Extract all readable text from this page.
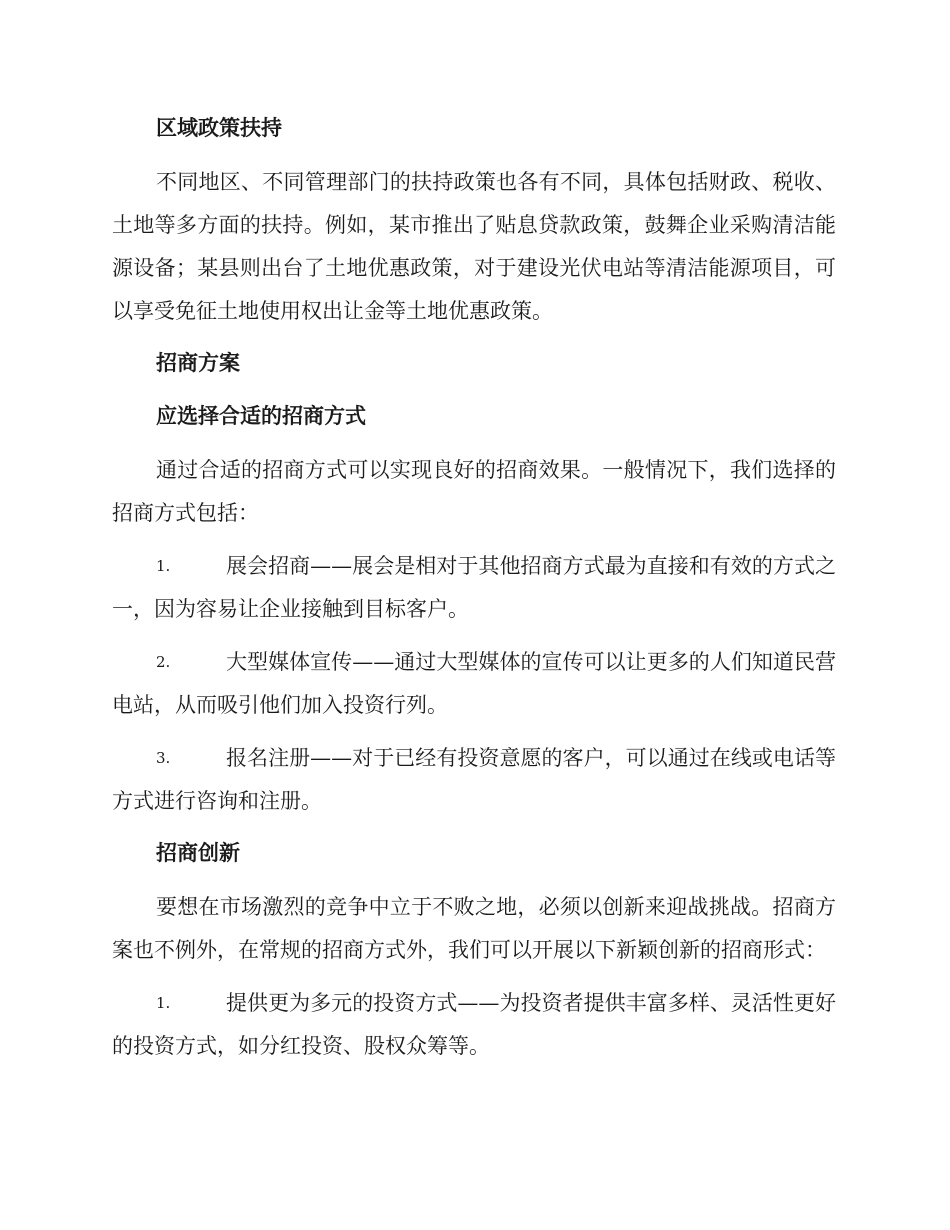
区域政策扶持

不同地区、不同管理部门的扶持政策也各有不同，具体包括财政、税收、土地等多方面的扶持。例如，某市推出了贴息贷款政策，鼓舞企业采购清洁能源设备；某县则出台了土地优惠政策，对于建设光伏电站等清洁能源项目，可以享受免征土地使用权出让金等土地优惠政策。

招商方案
应选择合适的招商方式

通过合适的招商方式可以实现良好的招商效果。一般情况下，我们选择的招商方式包括：

1.	展会招商——展会是相对于其他招商方式最为直接和有效的方式之一，因为容易让企业接触到目标客户。
2.	大型媒体宣传——通过大型媒体的宣传可以让更多的人们知道民营电站，从而吸引他们加入投资行列。
3.	报名注册——对于已经有投资意愿的客户，可以通过在线或电话等方式进行咨询和注册。
招商创新

要想在市场激烈的竞争中立于不败之地，必须以创新来迎战挑战。招商方案也不例外，在常规的招商方式外，我们可以开展以下新颖创新的招商形式：

1.	提供更为多元的投资方式——为投资者提供丰富多样、灵活性更好的投资方式，如分红投资、股权众筹等。
